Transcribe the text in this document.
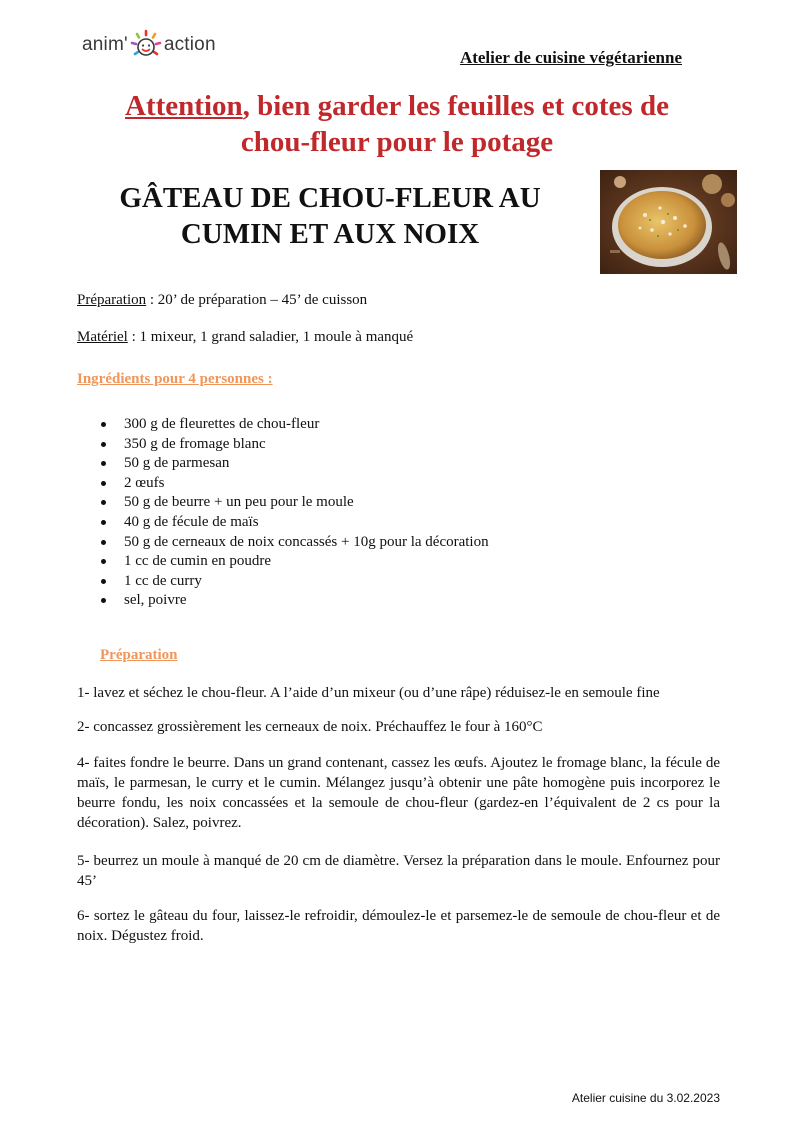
anim' action
Atelier de cuisine végétarienne
Attention, bien garder les feuilles et cotes de
chou-fleur pour le potage
GÂTEAU DE CHOU-FLEUR AU
CUMIN ET AUX NOIX
Préparation : 20’ de préparation – 45’ de cuisson
Matériel : 1 mixeur, 1 grand saladier, 1 moule à manqué
Ingrédients pour 4 personnes :
300 g de fleurettes de chou-fleur
350 g de fromage blanc
50 g de parmesan
2 œufs
50 g de beurre + un peu pour le moule
40 g de fécule de maïs
50 g de cerneaux de noix concassés + 10g pour la décoration
1 cc de cumin en poudre
1 cc de curry
sel, poivre
Préparation
1- lavez et séchez le chou-fleur. A l’aide d’un mixeur (ou d’une râpe) réduisez-le en semoule fine
2- concassez grossièrement les cerneaux de noix. Préchauffez le four à 160°C
4- faites fondre le beurre. Dans un grand contenant, cassez les œufs. Ajoutez le fromage blanc, la fécule de maïs, le parmesan, le curry et le cumin. Mélangez jusqu’à obtenir une pâte homogène puis incorporez le beurre fondu, les noix concassées et la semoule de chou-fleur (gardez-en l’équivalent de 2 cs pour la décoration). Salez, poivrez.
5- beurrez un moule à manqué de 20 cm de diamètre. Versez la préparation dans le moule. Enfournez pour 45’
6- sortez le gâteau du four, laissez-le refroidir, démoulez-le et parsemez-le de semoule de chou-fleur et de noix. Dégustez froid.
Atelier cuisine du 3.02.2023
